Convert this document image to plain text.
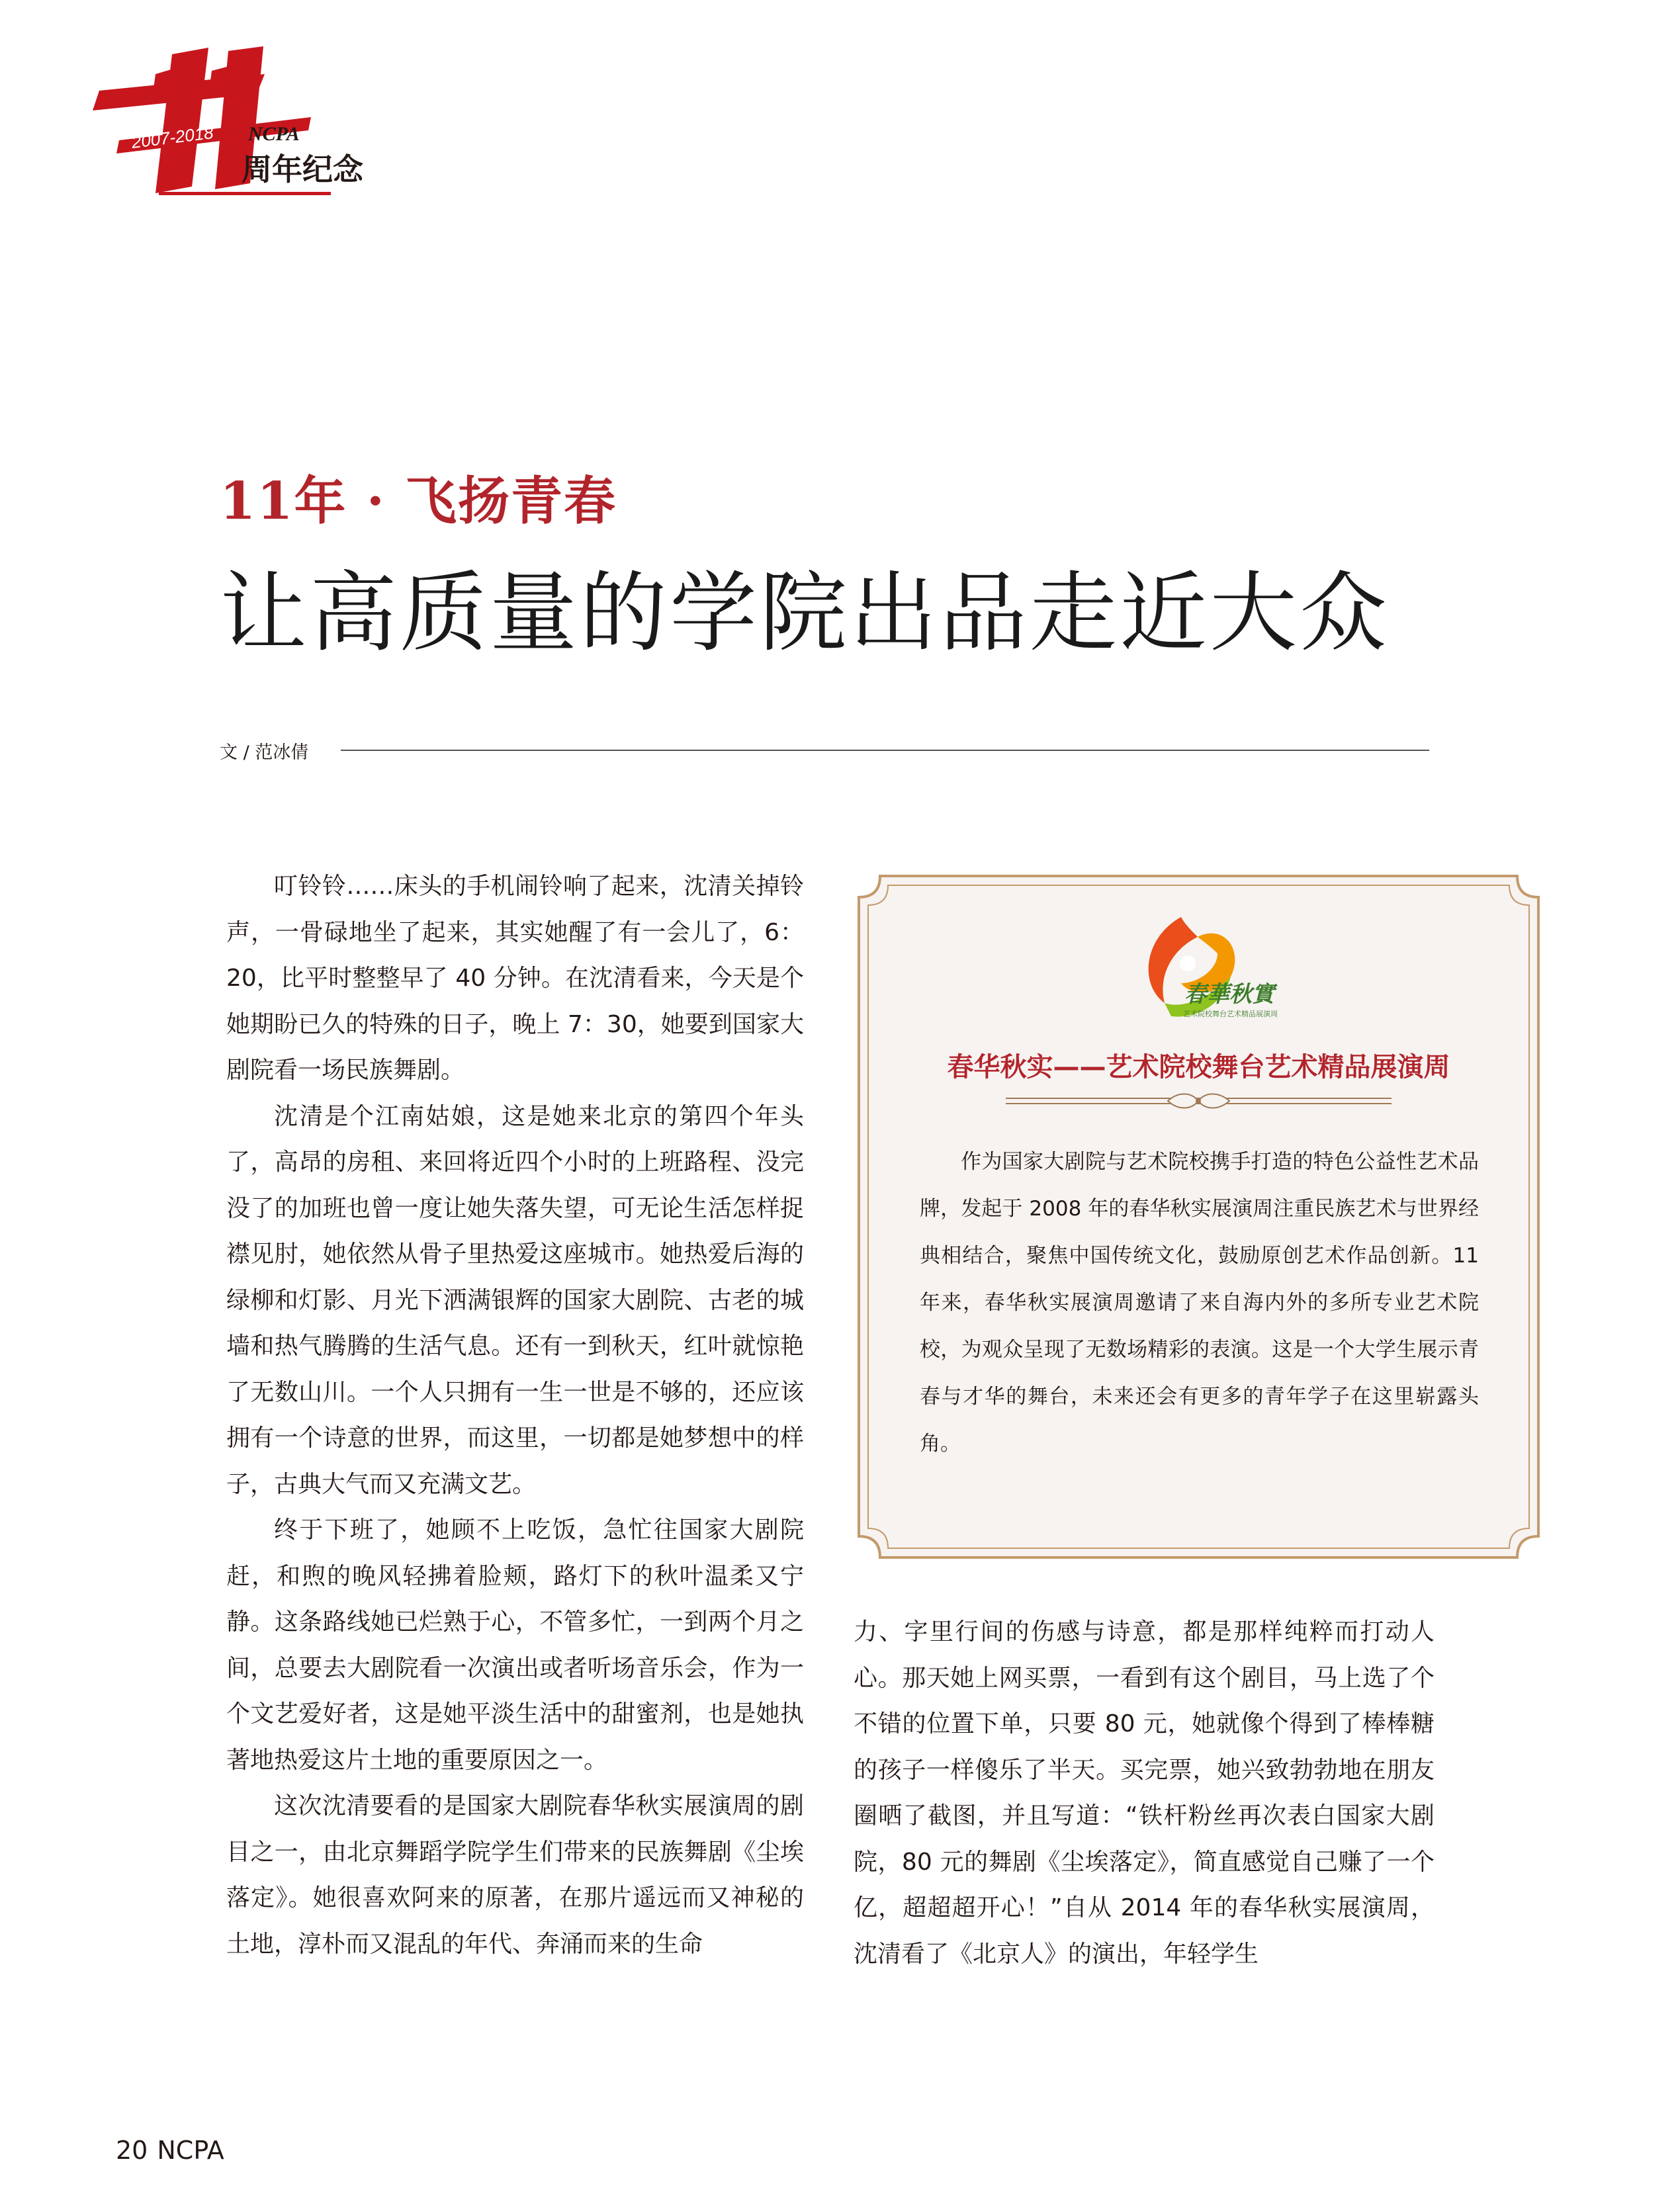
2007-2018 NCPA
周年纪念
11年 · 飞扬青春
让高质量的学院出品走近大众
文 / 范冰倩

叮铃铃……床头的手机闹铃响了起来，沈清关掉铃声，一骨碌地坐了起来，其实她醒了有一会儿了，6：20，比平时整整早了 40 分钟。在沈清看来，今天是个她期盼已久的特殊的日子，晚上 7：30，她要到国家大剧院看一场民族舞剧。

沈清是个江南姑娘，这是她来北京的第四个年头了，高昂的房租、来回将近四个小时的上班路程、没完没了的加班也曾一度让她失落失望，可无论生活怎样捉襟见肘，她依然从骨子里热爱这座城市。她热爱后海的绿柳和灯影、月光下洒满银辉的国家大剧院、古老的城墙和热气腾腾的生活气息。还有一到秋天，红叶就惊艳了无数山川。一个人只拥有一生一世是不够的，还应该拥有一个诗意的世界，而这里，一切都是她梦想中的样子，古典大气而又充满文艺。

终于下班了，她顾不上吃饭，急忙往国家大剧院赶，和煦的晚风轻拂着脸颊，路灯下的秋叶温柔又宁静。这条路线她已烂熟于心，不管多忙，一到两个月之间，总要去大剧院看一次演出或者听场音乐会，作为一个文艺爱好者，这是她平淡生活中的甜蜜剂，也是她执著地热爱这片土地的重要原因之一。

这次沈清要看的是国家大剧院春华秋实展演周的剧目之一，由北京舞蹈学院学生们带来的民族舞剧《尘埃落定》。她很喜欢阿来的原著，在那片遥远而又神秘的土地，淳朴而又混乱的年代、奔涌而来的生命

春華秋實
艺术院校舞台艺术精品展演周
春华秋实——艺术院校舞台艺术精品展演周

作为国家大剧院与艺术院校携手打造的特色公益性艺术品牌，发起于 2008 年的春华秋实展演周注重民族艺术与世界经典相结合，聚焦中国传统文化，鼓励原创艺术作品创新。11 年来，春华秋实展演周邀请了来自海内外的多所专业艺术院校，为观众呈现了无数场精彩的表演。这是一个大学生展示青春与才华的舞台，未来还会有更多的青年学子在这里崭露头角。

力、字里行间的伤感与诗意，都是那样纯粹而打动人心。那天她上网买票，一看到有这个剧目，马上选了个不错的位置下单，只要 80 元，她就像个得到了棒棒糖的孩子一样傻乐了半天。买完票，她兴致勃勃地在朋友圈晒了截图，并且写道：“铁杆粉丝再次表白国家大剧院，80 元的舞剧《尘埃落定》，简直感觉自己赚了一个亿，超超超开心！”自从 2014 年的春华秋实展演周，沈清看了《北京人》的演出，年轻学生

20 NCPA
